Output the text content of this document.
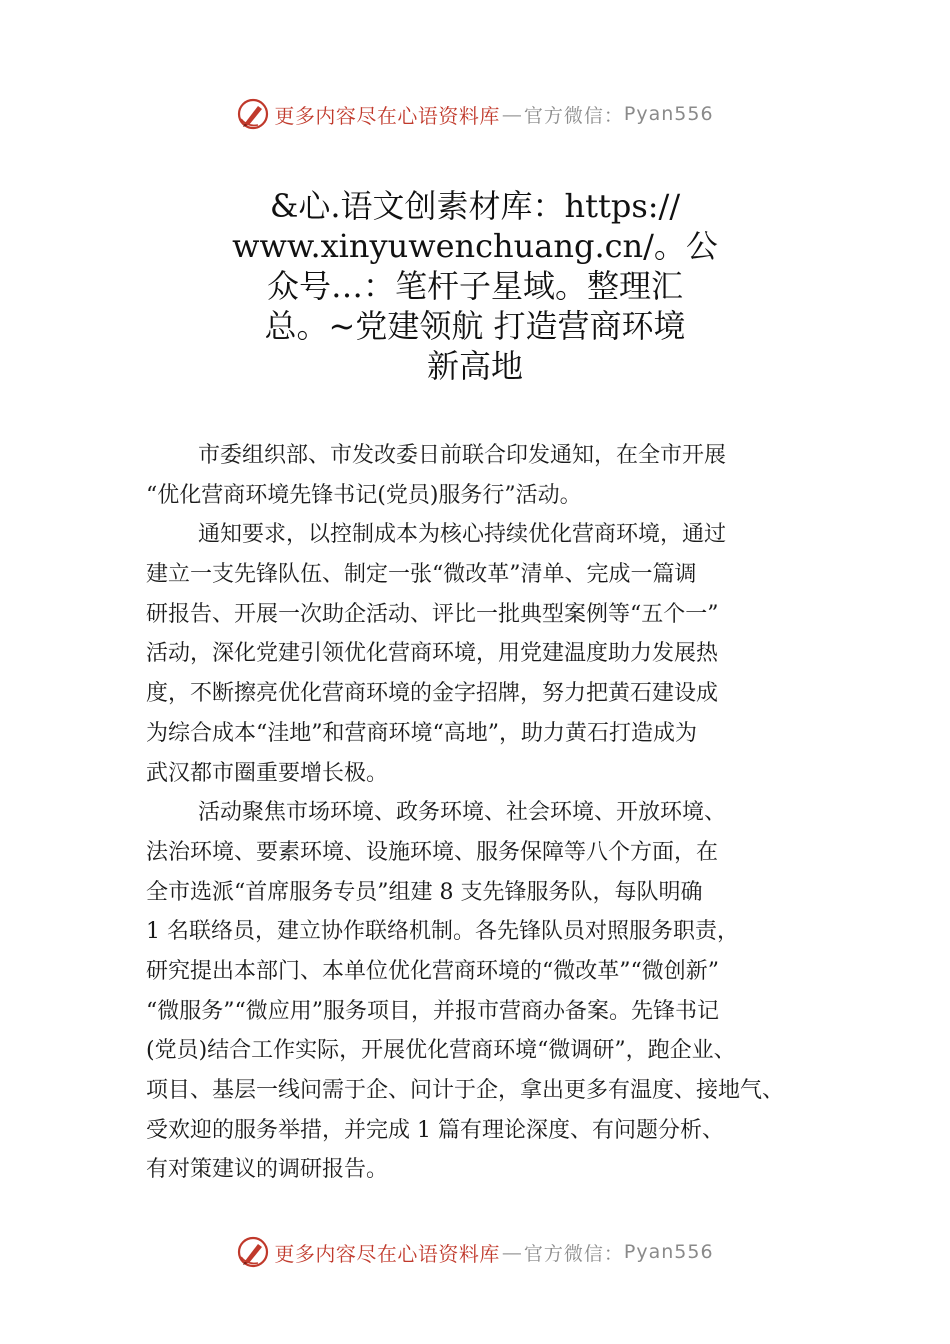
更多内容尽在心语资料库 — 官方微信： Pyan556
&心.语文创素材库：https://
www.xinyuwenchuang.cn/。公
众号…：笔杆子星域。整理汇
总。~党建领航 打造营商环境
新高地
市委组织部、市发改委日前联合印发通知，在全市开展
“优化营商环境先锋书记(党员)服务行”活动。
通知要求，以控制成本为核心持续优化营商环境，通过
建立一支先锋队伍、制定一张“微改革”清单、完成一篇调
研报告、开展一次助企活动、评比一批典型案例等“五个一”
活动，深化党建引领优化营商环境，用党建温度助力发展热
度，不断擦亮优化营商环境的金字招牌，努力把黄石建设成
为综合成本“洼地”和营商环境“高地”，助力黄石打造成为
武汉都市圈重要增长极。
活动聚焦市场环境、政务环境、社会环境、开放环境、
法治环境、要素环境、设施环境、服务保障等八个方面，在
全市选派“首席服务专员”组建 8 支先锋服务队，每队明确
1 名联络员，建立协作联络机制。各先锋队员对照服务职责，
研究提出本部门、本单位优化营商环境的“微改革”“微创新”
“微服务”“微应用”服务项目，并报市营商办备案。先锋书记
(党员)结合工作实际，开展优化营商环境“微调研”，跑企业、
项目、基层一线问需于企、问计于企，拿出更多有温度、接地气、
受欢迎的服务举措，并完成 1 篇有理论深度、有问题分析、
有对策建议的调研报告。
更多内容尽在心语资料库 — 官方微信： Pyan556
